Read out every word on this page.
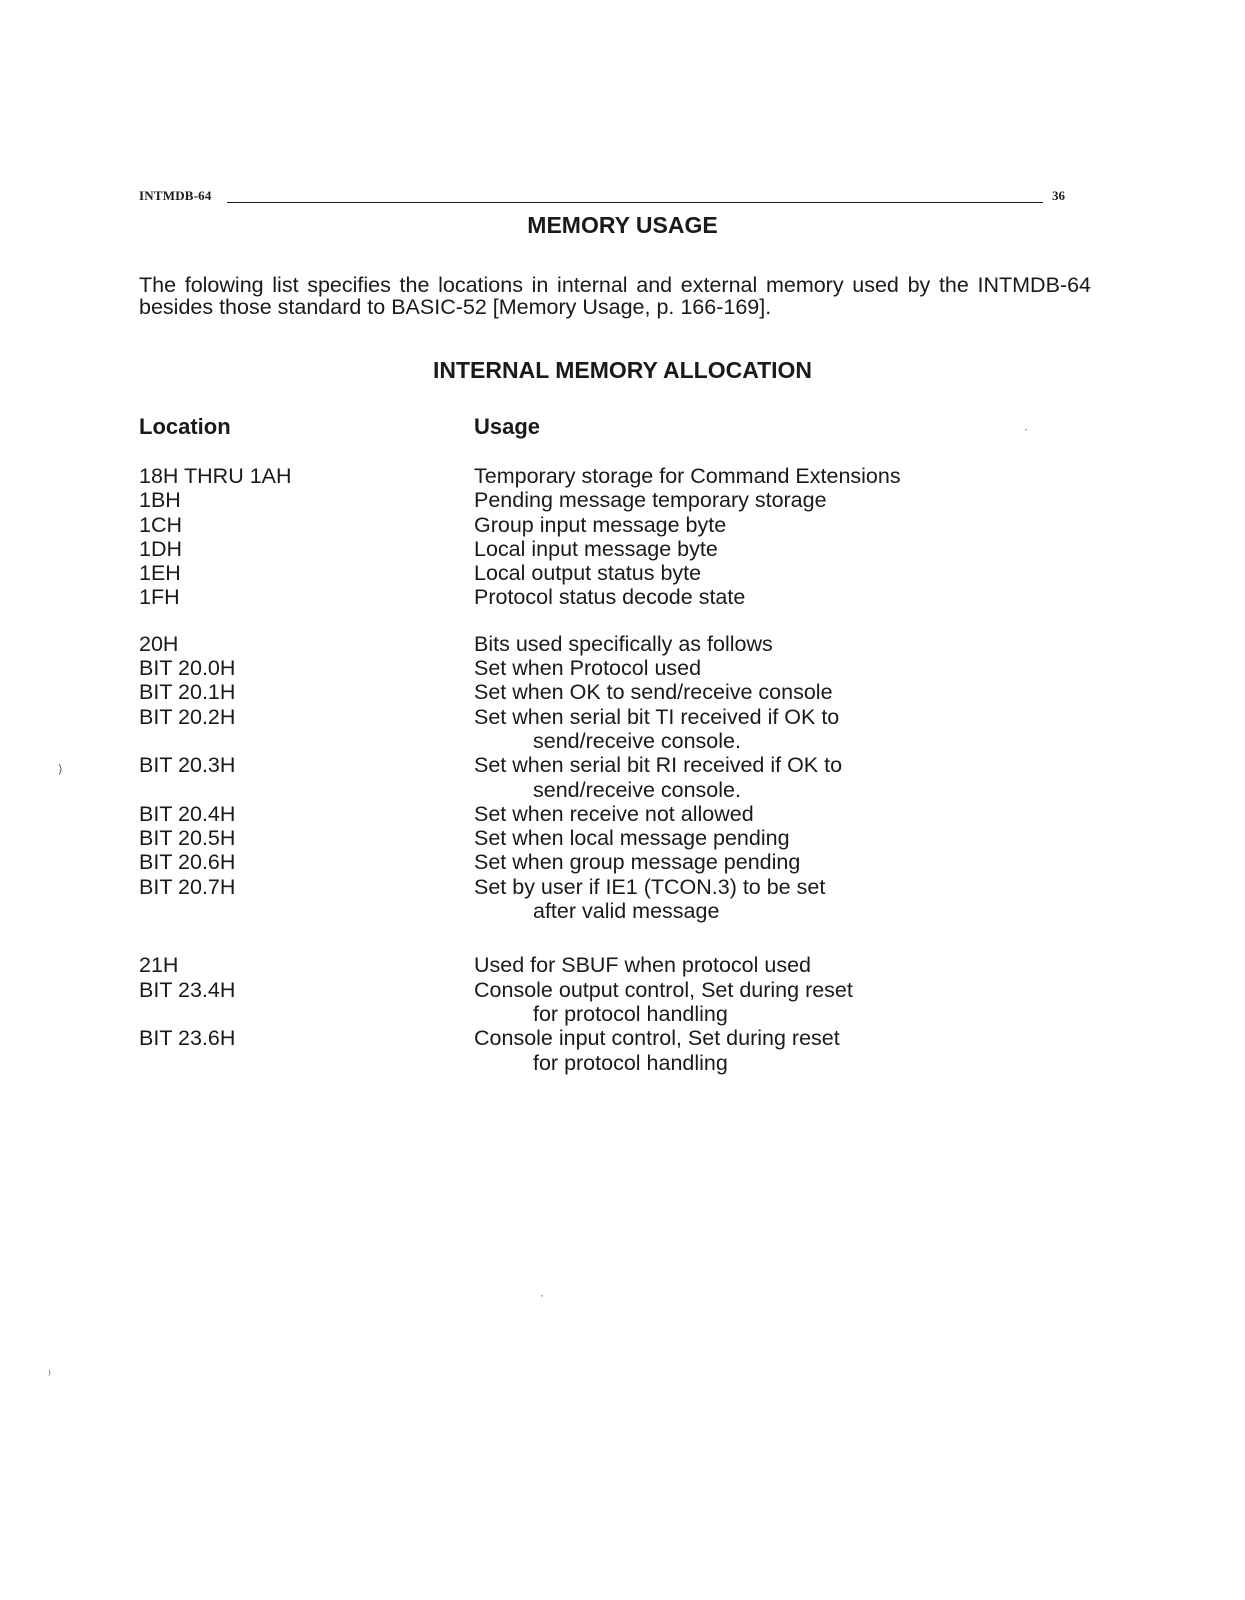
INTMDB-64	36
MEMORY USAGE

The folowing list specifies the locations in internal and external memory used by the INTMDB-64 besides those standard to BASIC-52 [Memory Usage, p. 166-169].

INTERNAL MEMORY ALLOCATION
Location	Usage
18H THRU 1AH	Temporary storage for Command Extensions
1BH	Pending message temporary storage
1CH	Group input message byte
1DH	Local input message byte
1EH	Local output status byte
1FH	Protocol status decode state
20H	Bits used specifically as follows
BIT 20.0H	Set when Protocol used
BIT 20.1H	Set when OK to send/receive console
BIT 20.2H	Set when serial bit TI received if OK to
send/receive console.
BIT 20.3H	Set when serial bit RI received if OK to
send/receive console.
BIT 20.4H	Set when receive not allowed
BIT 20.5H	Set when local message pending
BIT 20.6H	Set when group message pending
BIT 20.7H	Set by user if IE1 (TCON.3) to be set
after valid message
21H	Used for SBUF when protocol used
BIT 23.4H	Console output control, Set during reset
for protocol handling
BIT 23.6H	Console input control, Set during reset
for protocol handling
⟩
⁾
·
·
